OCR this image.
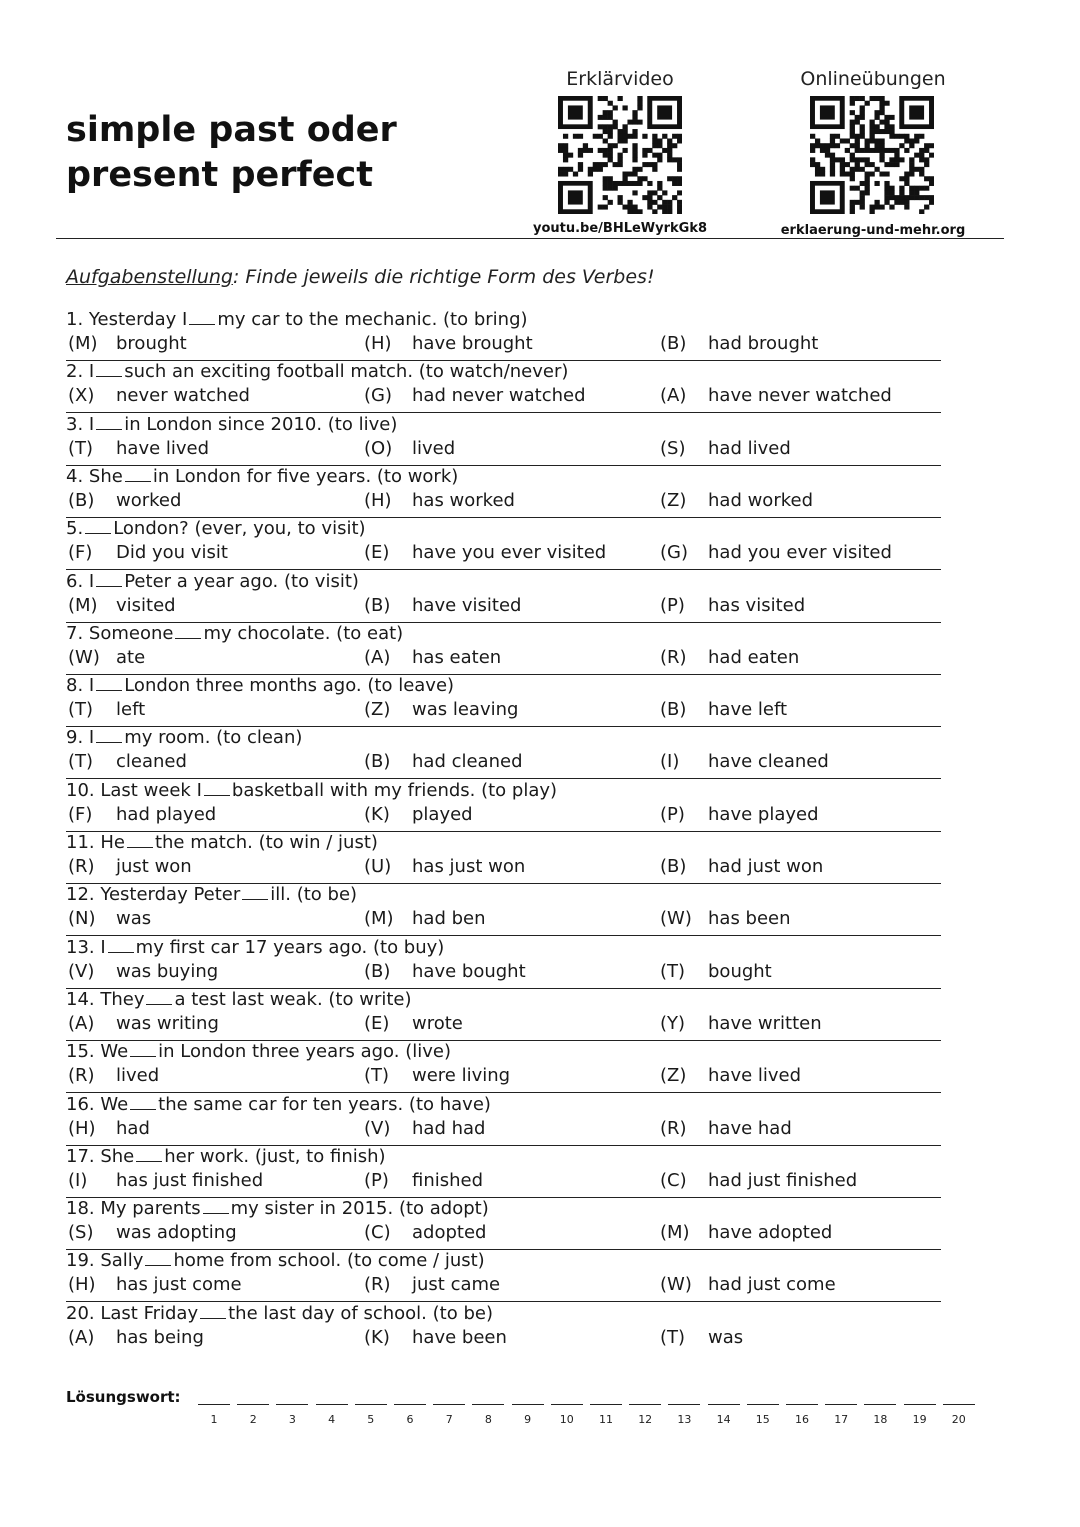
simple past oder
present perfect
Erklärvideo
youtu.be/BHLeWyrkGk8
Onlineübungen
erklaerung-und-mehr.org
Aufgabenstellung: Finde jeweils die richtige Form des Verbes!
1. Yesterday I my car to the mechanic. (to bring)
(M) brought	(H) have brought	(B) had brought
2. I such an exciting football match. (to watch/never)
(X) never watched	(G) had never watched	(A) have never watched
3. I in London since 2010. (to live)
(T) have lived	(O) lived	(S) had lived
4. She in London for five years. (to work)
(B) worked	(H) has worked	(Z) had worked
5. London? (ever, you, to visit)
(F) Did you visit	(E) have you ever visited	(G) had you ever visited
6. I Peter a year ago. (to visit)
(M) visited	(B) have visited	(P) has visited
7. Someone my chocolate. (to eat)
(W) ate	(A) has eaten	(R) had eaten
8. I London three months ago. (to leave)
(T) left	(Z) was leaving	(B) have left
9. I my room. (to clean)
(T) cleaned	(B) had cleaned	(I) have cleaned
10. Last week I basketball with my friends. (to play)
(F) had played	(K) played	(P) have played
11. He the match. (to win / just)
(R) just won	(U) has just won	(B) had just won
12. Yesterday Peter ill. (to be)
(N) was	(M) had ben	(W) has been
13. I my first car 17 years ago. (to buy)
(V) was buying	(B) have bought	(T) bought
14. They a test last weak. (to write)
(A) was writing	(E) wrote	(Y) have written
15. We in London three years ago. (live)
(R) lived	(T) were living	(Z) have lived
16. We the same car for ten years. (to have)
(H) had	(V) had had	(R) have had
17. She her work. (just, to finish)
(I) has just finished	(P) finished	(C) had just finished
18. My parents my sister in 2015. (to adopt)
(S) was adopting	(C) adopted	(M) have adopted
19. Sally home from school. (to come / just)
(H) has just come	(R) just came	(W) had just come
20. Last Friday the last day of school. (to be)
(A) has being	(K) have been	(T) was
Lösungswort:
1	2	3	4	5	6	7	8	9	10	11	12	13	14	15	16	17	18	19	20
